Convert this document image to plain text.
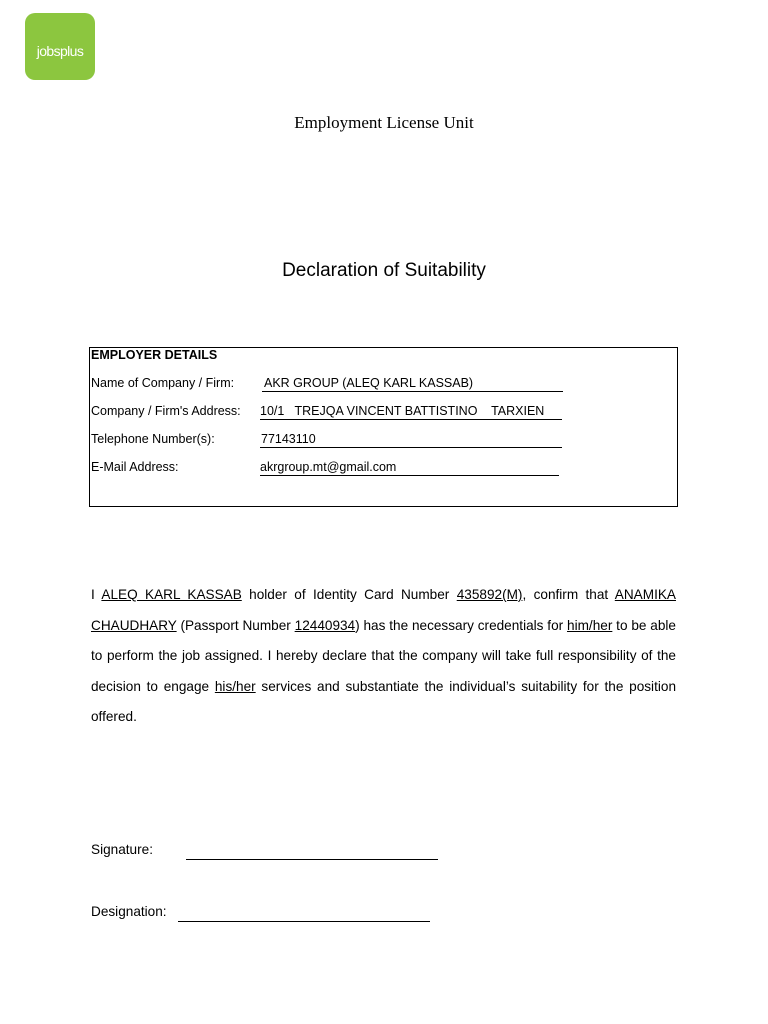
jobsplus
Employment License Unit
Declaration of Suitability
EMPLOYER DETAILS
Name of Company / Firm: AKR GROUP (ALEQ KARL KASSAB)
Company / Firm's Address: 10/1   TREJQA VINCENT BATTISTINO    TARXIEN
Telephone Number(s):	77143110
E-Mail Address:	akrgroup.mt@gmail.com

I ALEQ KARL KASSAB holder of Identity Card Number 435892(M), confirm that ANAMIKA CHAUDHARY (Passport Number 12440934) has the necessary credentials for him/her to be able to perform the job assigned. I hereby declare that the company will take full responsibility of the decision to engage his/her services and substantiate the individual’s suitability for the position offered.

Signature:
Designation:
